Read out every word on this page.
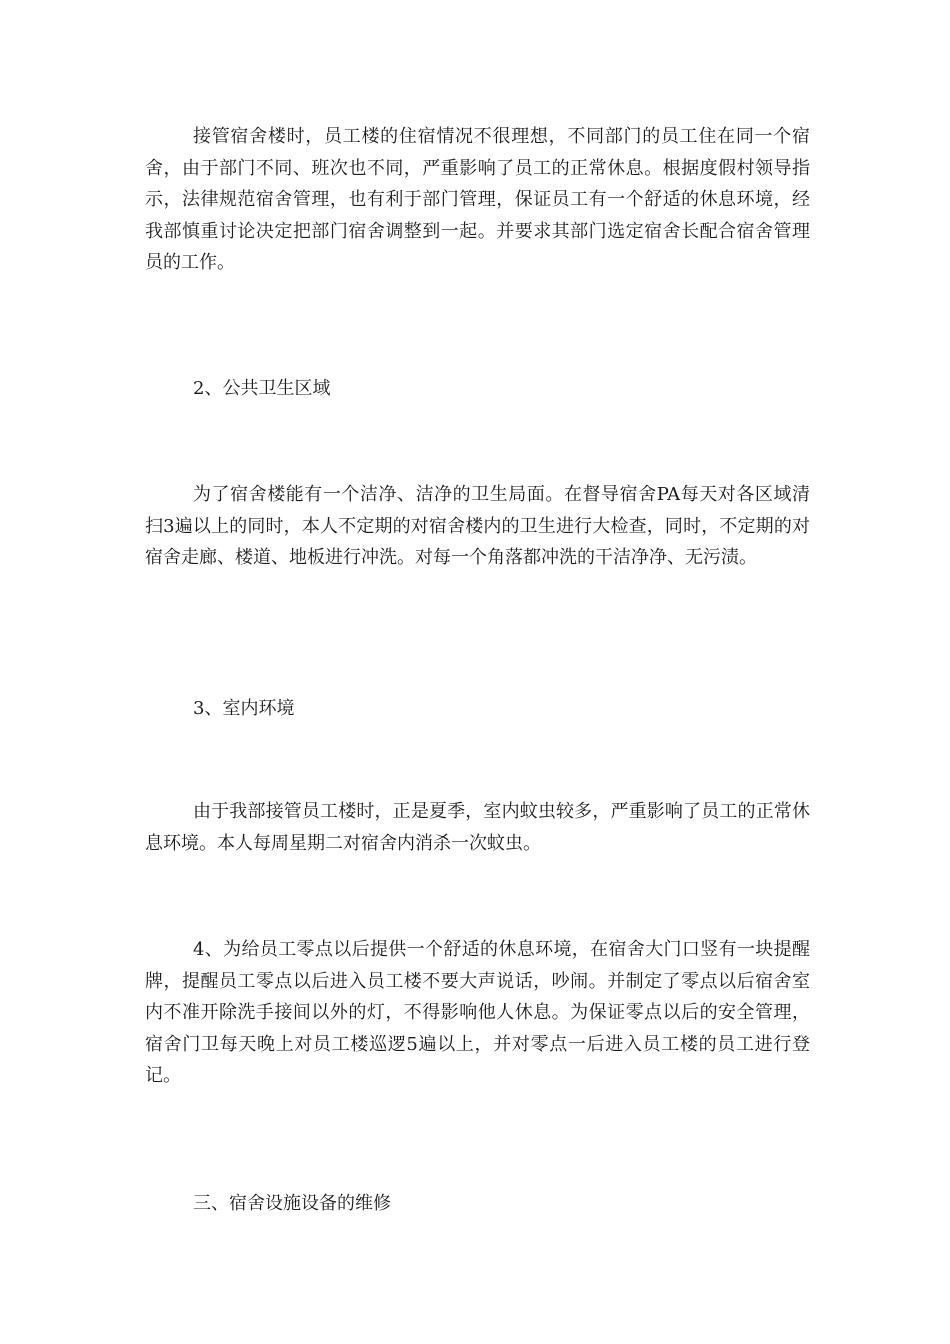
接管宿舍楼时，员工楼的住宿情况不很理想，不同部门的员工住在同一个宿舍，由于部门不同、班次也不同，严重影响了员工的正常休息。根据度假村领导指示，法律规范宿舍管理，也有利于部门管理，保证员工有一个舒适的休息环境，经我部慎重讨论决定把部门宿舍调整到一起。并要求其部门选定宿舍长配合宿舍管理员的工作。

2、公共卫生区域

为了宿舍楼能有一个洁净、洁净的卫生局面。在督导宿舍PA每天对各区域清扫3遍以上的同时，本人不定期的对宿舍楼内的卫生进行大检查，同时，不定期的对宿舍走廊、楼道、地板进行冲洗。对每一个角落都冲洗的干洁净净、无污渍。

3、室内环境

由于我部接管员工楼时，正是夏季，室内蚊虫较多，严重影响了员工的正常休息环境。本人每周星期二对宿舍内消杀一次蚊虫。

4、为给员工零点以后提供一个舒适的休息环境，在宿舍大门口竖有一块提醒牌，提醒员工零点以后进入员工楼不要大声说话，吵闹。并制定了零点以后宿舍室内不准开除洗手接间以外的灯，不得影响他人休息。为保证零点以后的安全管理，宿舍门卫每天晚上对员工楼巡逻5遍以上，并对零点一后进入员工楼的员工进行登记。

三、宿舍设施设备的维修
